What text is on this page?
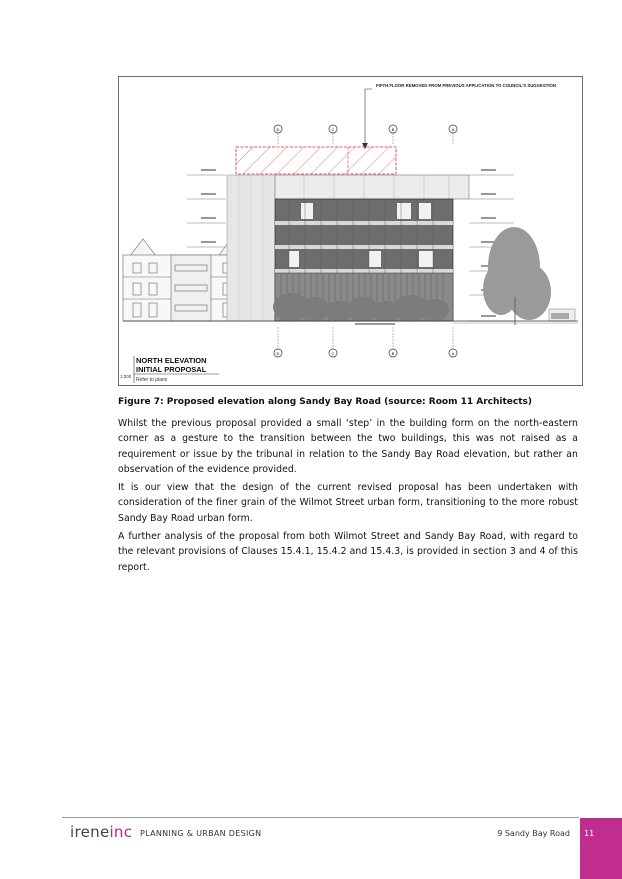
FIFTH FLOOR REMOVED FROM PREVIOUS APPLICATION TO COUNCIL'S SUGGESTION
D	C	B	A
D	C	B	A
NORTH ELEVATION
INITIAL PROPOSAL
1:200
Refer to plans
Figure 7: Proposed elevation along Sandy Bay Road (source: Room 11 Architects)

Whilst the previous proposal provided a small ‘step’ in the building form on the north-eastern corner as a gesture to the transition between the two buildings, this was not raised as a requirement or issue by the tribunal in relation to the Sandy Bay Road elevation, but rather an observation of the evidence provided.

It is our view that the design of the current revised proposal has been undertaken with consideration of the finer grain of the Wilmot Street urban form, transitioning to the more robust Sandy Bay Road urban form.

A further analysis of the proposal from both Wilmot Street and Sandy Bay Road, with regard to the relevant provisions of Clauses 15.4.1, 15.4.2 and 15.4.3, is provided in section 3 and 4 of this report.

ireneinc PLANNING & URBAN DESIGN	9 Sandy Bay Road 11
